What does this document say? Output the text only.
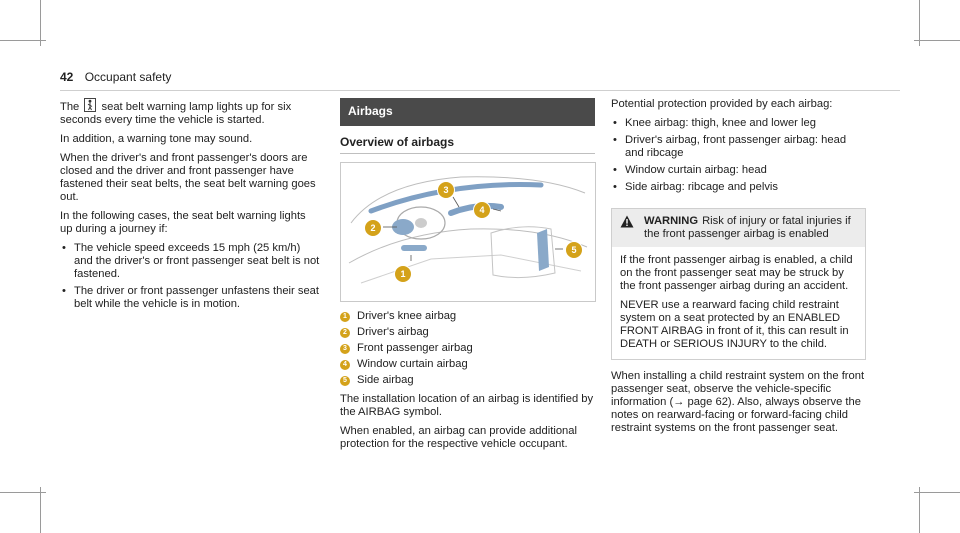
42 Occupant safety

The seat belt warning lamp lights up for six seconds every time the vehicle is started.

In addition, a warning tone may sound.

When the driver's and front passenger's doors are closed and the driver and front passenger have fastened their seat belts, the seat belt warning goes out.

In the following cases, the seat belt warning lights up during a journey if:

• The vehicle speed exceeds 15 mph (25 km/h) and the driver's or front passenger seat belt is not fastened.
• The driver or front passenger unfastens their seat belt while the vehicle is in motion.
Airbags
Overview of airbags
1
2
3
4
5
1 Driver's knee airbag
2 Driver's airbag
3 Front passenger airbag
4 Window curtain airbag
5 Side airbag

The installation location of an airbag is identified by the AIRBAG symbol.

When enabled, an airbag can provide additional protection for the respective vehicle occupant.

Potential protection provided by each airbag:

• Knee airbag: thigh, knee and lower leg
• Driver's airbag, front passenger airbag: head and ribcage
• Window curtain airbag: head
• Side airbag: ribcage and pelvis
WARNING Risk of injury or fatal injuries if the front passenger airbag is enabled

If the front passenger airbag is enabled, a child on the front passenger seat may be struck by the front passenger airbag during an accident.

NEVER use a rearward facing child restraint system on a seat protected by an ENABLED FRONT AIRBAG in front of it, this can result in DEATH or SERIOUS INJURY to the child.

When installing a child restraint system on the front passenger seat, observe the vehicle-specific information (→ page 62). Also, always observe the notes on rearward-facing or forward-facing child restraint systems on the front passenger seat.
